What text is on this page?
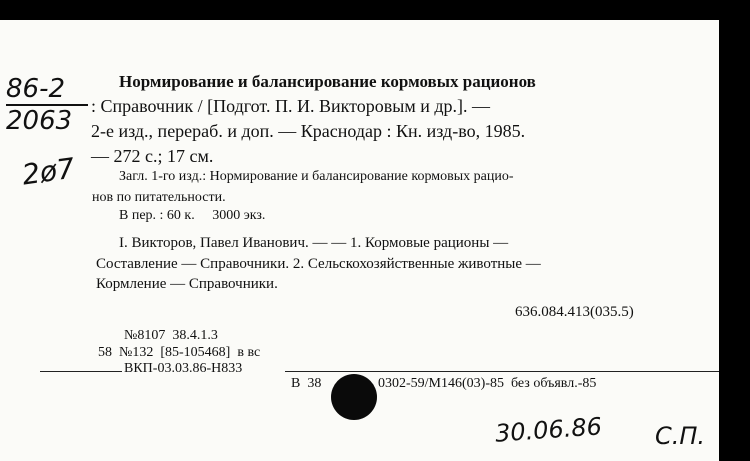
86-2
2063
2ø7
Нормирование и балансирование кормовых рационов
: Справочник / [Подгот. П. И. Викторовым и др.]. —
2-е изд., перераб. и доп. — Краснодар : Кн. изд-во, 1985.
— 272 с.; 17 см.
Загл. 1-го изд.: Нормирование и балансирование кормовых рацио-
нов по питательности.
В пер. : 60 к.     3000 экз.
I. Викторов, Павел Иванович. — — 1. Кормовые рационы —
Составление — Справочники. 2. Сельскохозяйственные животные —
Кормление — Справочники.
636.084.413(035.5)
№8107  38.4.1.3
58  №132  [85-105468]  в вс
ВКП-03.03.86-Н833
В  38	0302-59/М146(03)-85  без объявл.-85
30.06.86 С.П.
